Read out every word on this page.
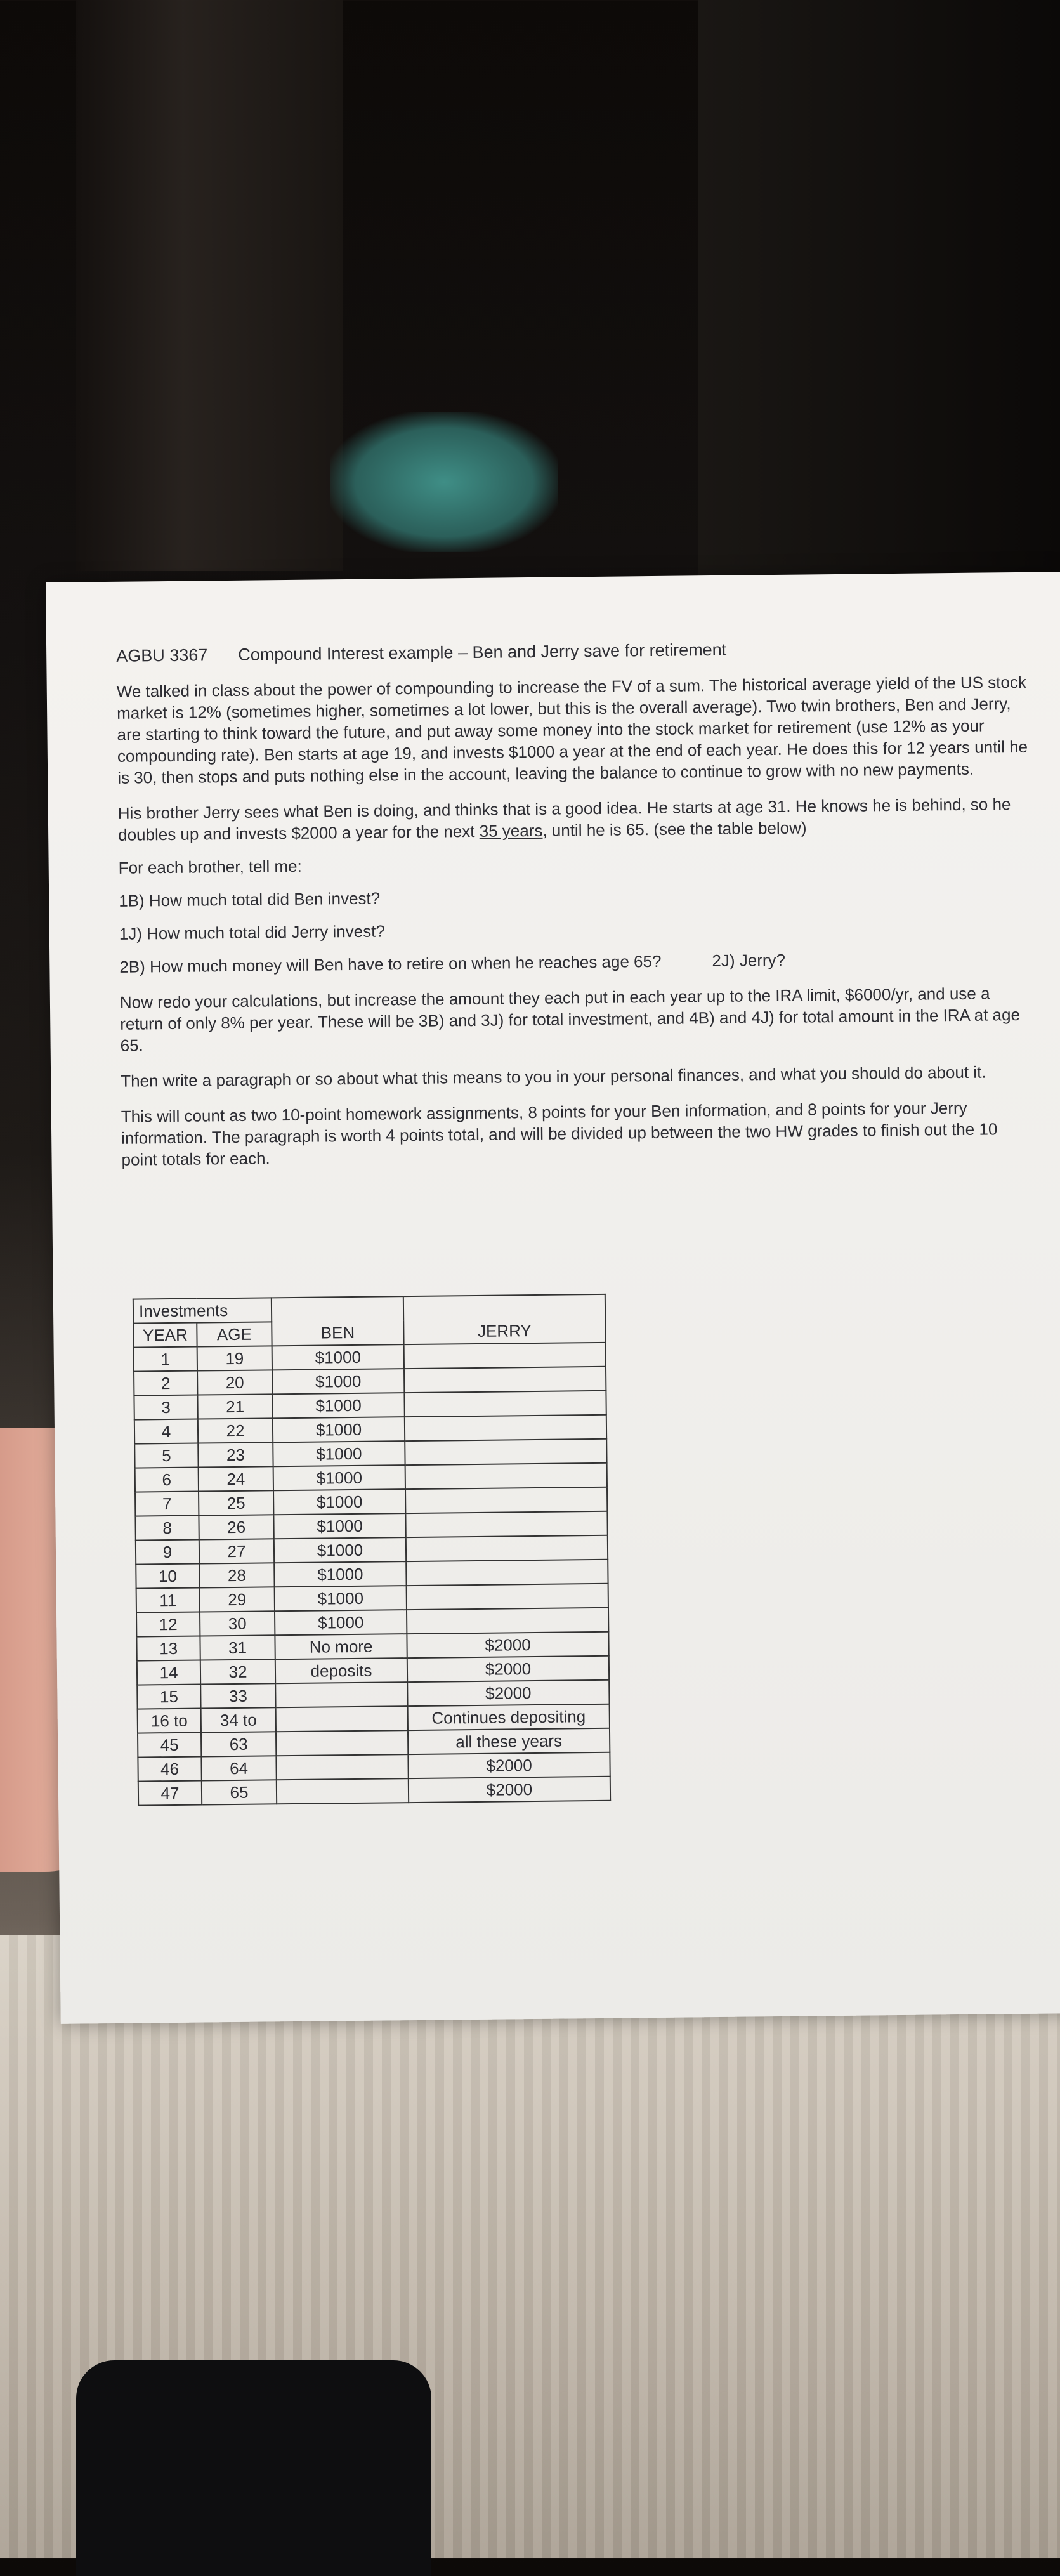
AGBU 3367 Compound Interest example – Ben and Jerry save for retirement

We talked in class about the power of compounding to increase the FV of a sum. The historical average yield of the US stock market is 12% (sometimes higher, sometimes a lot lower, but this is the overall average). Two twin brothers, Ben and Jerry, are starting to think toward the future, and put away some money into the stock market for retirement (use 12% as your compounding rate). Ben starts at age 19, and invests $1000 a year at the end of each year. He does this for 12 years until he is 30, then stops and puts nothing else in the account, leaving the balance to continue to grow with no new payments.

His brother Jerry sees what Ben is doing, and thinks that is a good idea. He starts at age 31. He knows he is behind, so he doubles up and invests $2000 a year for the next 35 years, until he is 65. (see the table below)

For each brother, tell me:

1B) How much total did Ben invest?

1J) How much total did Jerry invest?

2B) How much money will Ben have to retire on when he reaches age 65?	2J) Jerry?

Now redo your calculations, but increase the amount they each put in each year up to the IRA limit, $6000/yr, and use a return of only 8% per year. These will be 3B) and 3J) for total investment, and 4B) and 4J) for total amount in the IRA at age 65.

Then write a paragraph or so about what this means to you in your personal finances, and what you should do about it.

This will count as two 10-point homework assignments, 8 points for your Ben information, and 8 points for your Jerry information. The paragraph is worth 4 points total, and will be divided up between the two HW grades to finish out the 10 point totals for each.

Investments			
YEAR	AGE	BEN	JERRY
1	19	$1000	
2	20	$1000	
3	21	$1000	
4	22	$1000	
5	23	$1000	
6	24	$1000	
7	25	$1000	
8	26	$1000	
9	27	$1000	
10	28	$1000	
11	29	$1000	
12	30	$1000	
13	31	No more	$2000
14	32	deposits	$2000
15	33		$2000
16 to	34 to		Continues depositing
45	63		all these years
46	64		$2000
47	65		$2000
